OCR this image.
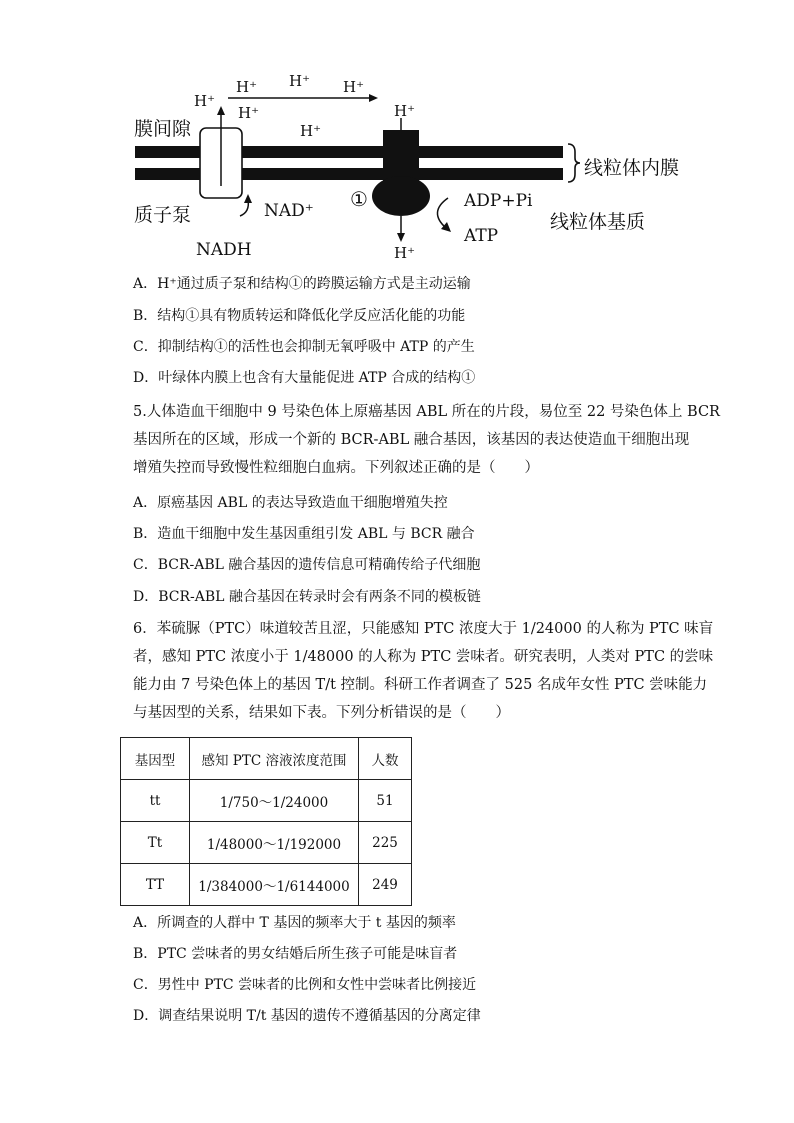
线粒体内膜
膜间隙
质子泵
H⁺
H⁺
H⁺ H⁺ H⁺
H⁺
NAD⁺
NADH
H⁺
H⁺
①	ADP+Pi
ATP
线粒体基质
A．H⁺通过质子泵和结构①的跨膜运输方式是主动运输
B．结构①具有物质转运和降低化学反应活化能的功能
C．抑制结构①的活性也会抑制无氧呼吸中 ATP 的产生
D．叶绿体内膜上也含有大量能促进 ATP 合成的结构①
5.人体造血干细胞中 9 号染色体上原癌基因 ABL 所在的片段，易位至 22 号染色体上 BCR
基因所在的区域，形成一个新的 BCR-ABL 融合基因，该基因的表达使造血干细胞出现
增殖失控而导致慢性粒细胞白血病。下列叙述正确的是（　　）
A．原癌基因 ABL 的表达导致造血干细胞增殖失控
B．造血干细胞中发生基因重组引发 ABL 与 BCR 融合
C．BCR-ABL 融合基因的遗传信息可精确传给子代细胞
D．BCR-ABL 融合基因在转录时会有两条不同的模板链
6．苯硫脲（PTC）味道较苦且涩，只能感知 PTC 浓度大于 1/24000 的人称为 PTC 味盲
者，感知 PTC 浓度小于 1/48000 的人称为 PTC 尝味者。研究表明，人类对 PTC 的尝味
能力由 7 号染色体上的基因 T/t 控制。科研工作者调查了 525 名成年女性 PTC 尝味能力
与基因型的关系，结果如下表。下列分析错误的是（　　）
基因型	感知 PTC 溶液浓度范围	人数
tt	1/750～1/24000	51
Tt	1/48000～1/192000	225
TT	1/384000～1/6144000	249
A．所调查的人群中 T 基因的频率大于 t 基因的频率
B．PTC 尝味者的男女结婚后所生孩子可能是味盲者
C．男性中 PTC 尝味者的比例和女性中尝味者比例接近
D．调查结果说明 T/t 基因的遗传不遵循基因的分离定律
